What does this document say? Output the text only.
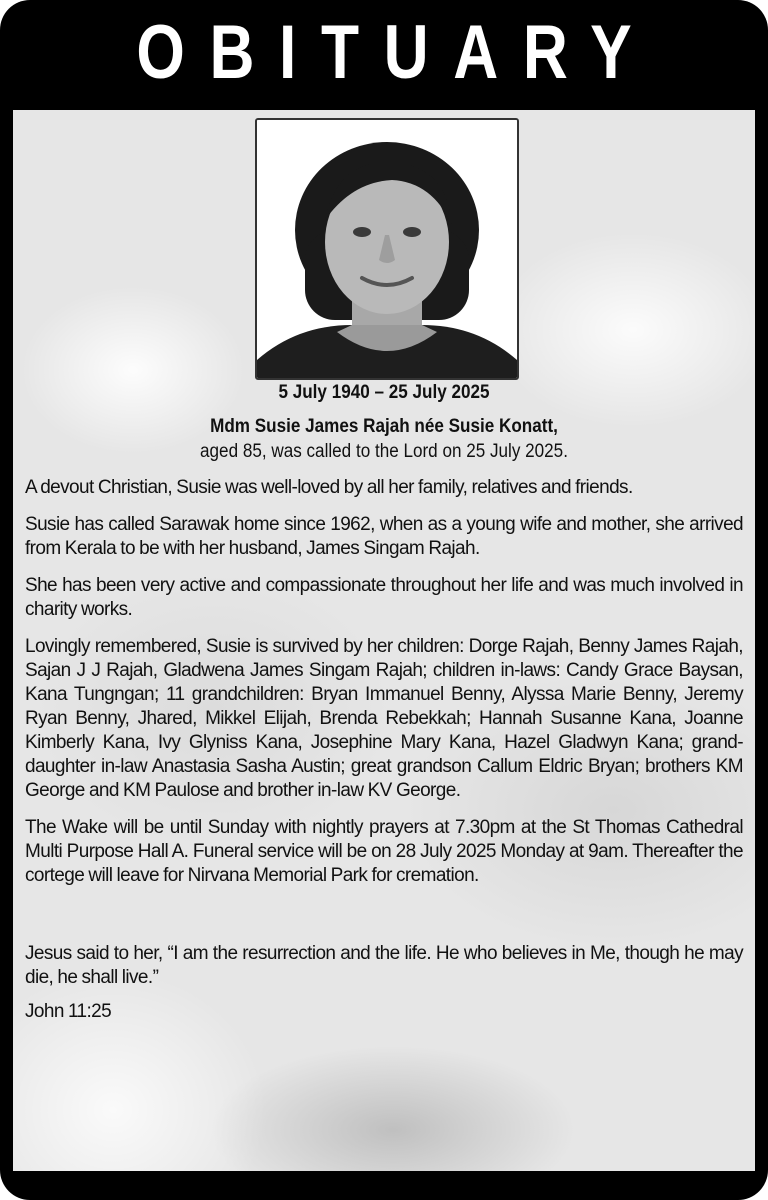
OBITUARY
5 July 1940 – 25 July 2025
Mdm Susie James Rajah née Susie Konatt,
aged 85, was called to the Lord on 25 July 2025.

A devout Christian, Susie was well-loved by all her family, relatives and friends.

Susie has called Sarawak home since 1962, when as a young wife and mother, she arrived from Kerala to be with her husband, James Singam Rajah.

She has been very active and compassionate throughout her life and was much involved in charity works.

Lovingly remembered, Susie is survived by her children: Dorge Rajah, Benny James Rajah, Sajan J J Rajah, Gladwena James Singam Rajah; children in-laws: Candy Grace Baysan, Kana Tungngan; 11 grandchildren: Bryan Immanuel Benny, Alyssa Marie Benny, Jeremy Ryan Benny, Jhared, Mikkel Elijah, Brenda Rebekkah; Hannah Susanne Kana, Joanne Kimberly Kana, Ivy Glyniss Kana, Josephine Mary Kana, Hazel Gladwyn Kana; grand-daughter in-law Anastasia Sasha Austin; great grandson Callum Eldric Bryan; brothers KM George and KM Paulose and brother in-law KV George.

The Wake will be until Sunday with nightly prayers at 7.30pm at the St Thomas Cathedral Multi Purpose Hall A. Funeral service will be on 28 July 2025 Monday at 9am. Thereafter the cortege will leave for Nirvana Memorial Park for cremation.

Jesus said to her, “I am the resurrection and the life. He who believes in Me, though he may die, he shall live.”

John 11:25
